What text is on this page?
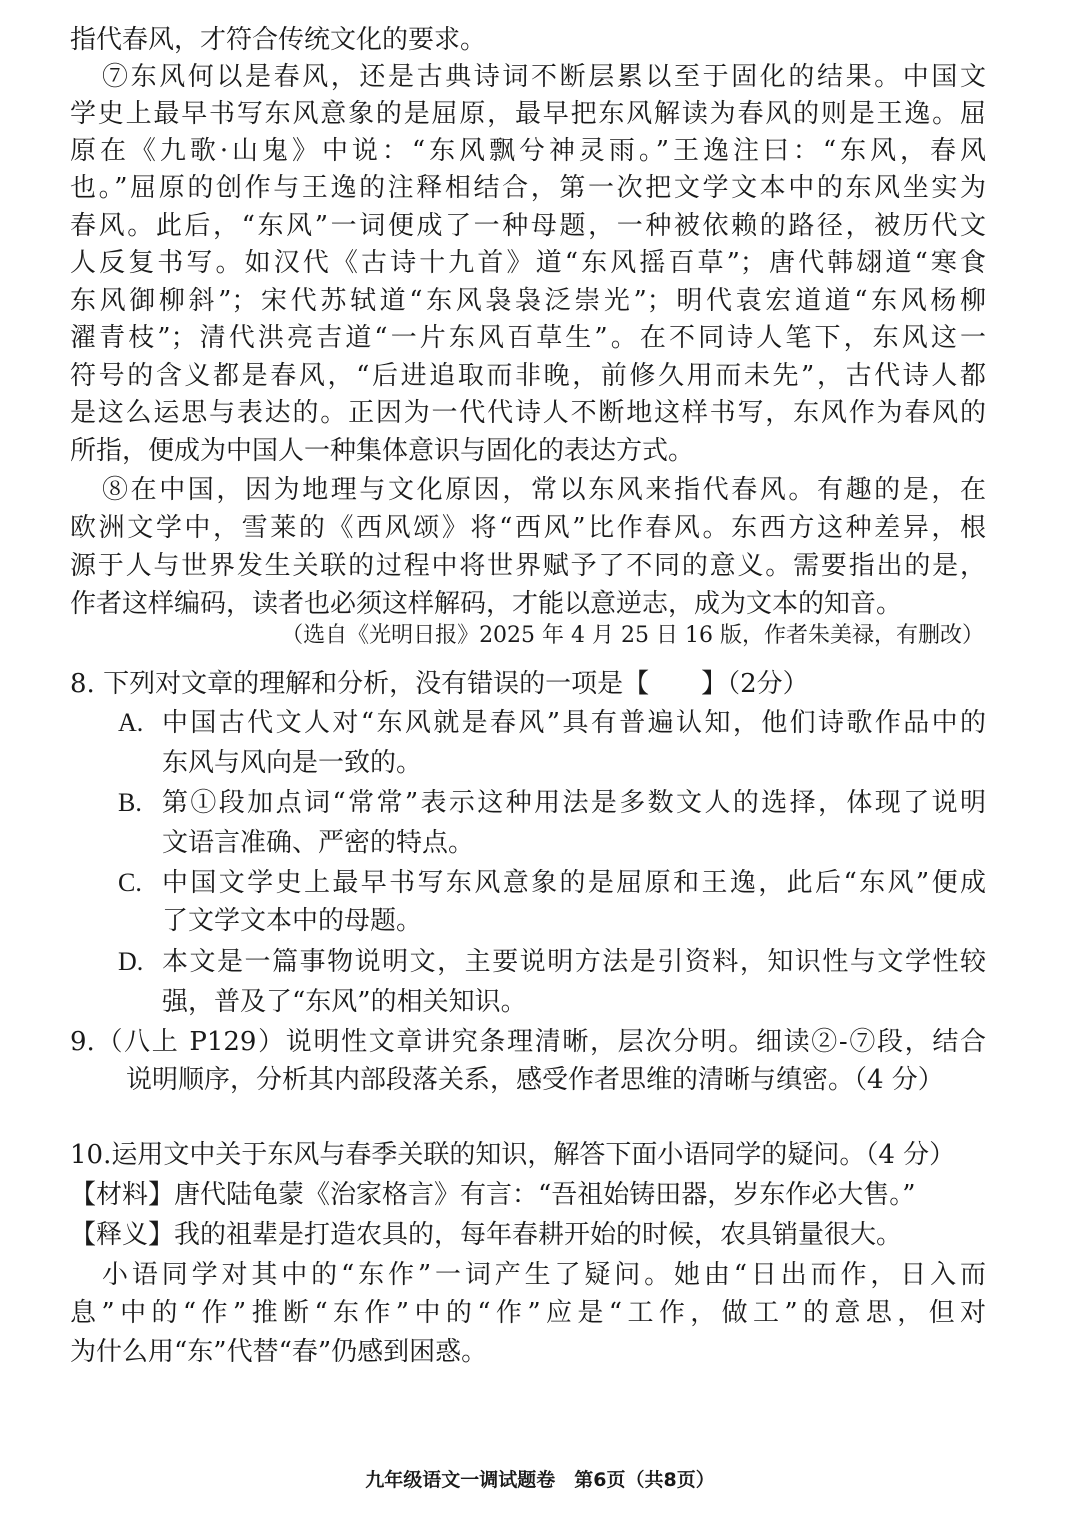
指代春风，才符合传统文化的要求。
⑦东风何以是春风，还是古典诗词不断层累以至于固化的结果。中国文
学史上最早书写东风意象的是屈原，最早把东风解读为春风的则是王逸。屈
原在《九歌·山鬼》中说：“东风飘兮神灵雨。”王逸注曰：“东风，春风
也。”屈原的创作与王逸的注释相结合，第一次把文学文本中的东风坐实为
春风。此后，“东风”一词便成了一种母题，一种被依赖的路径，被历代文
人反复书写。如汉代《古诗十九首》道“东风摇百草”；唐代韩翃道“寒食
东风御柳斜”；宋代苏轼道“东风袅袅泛崇光”；明代袁宏道道“东风杨柳
濯青枝”；清代洪亮吉道“一片东风百草生”。在不同诗人笔下，东风这一
符号的含义都是春风，“后进追取而非晚，前修久用而未先”，古代诗人都
是这么运思与表达的。正因为一代代诗人不断地这样书写，东风作为春风的
所指，便成为中国人一种集体意识与固化的表达方式。
⑧在中国，因为地理与文化原因，常以东风来指代春风。有趣的是，在
欧洲文学中，雪莱的《西风颂》将“西风”比作春风。东西方这种差异，根
源于人与世界发生关联的过程中将世界赋予了不同的意义。需要指出的是，
作者这样编码，读者也必须这样解码，才能以意逆志，成为文本的知音。
（选自《光明日报》2025 年 4 月 25 日 16 版，作者朱美禄，有删改）
8. 下列对文章的理解和分析，没有错误的一项是【　　】（2分）
A. 中国古代文人对“东风就是春风”具有普遍认知，他们诗歌作品中的
东风与风向是一致的。
B. 第①段加点词“常常”表示这种用法是多数文人的选择，体现了说明
文语言准确、严密的特点。
C. 中国文学史上最早书写东风意象的是屈原和王逸，此后“东风”便成
了文学文本中的母题。
D. 本文是一篇事物说明文，主要说明方法是引资料，知识性与文学性较
强，普及了“东风”的相关知识。
9.（八上 P129）说明性文章讲究条理清晰，层次分明。细读②-⑦段，结合
说明顺序，分析其内部段落关系，感受作者思维的清晰与缜密。（4 分）
10.运用文中关于东风与春季关联的知识，解答下面小语同学的疑问。（4 分）
【材料】唐代陆龟蒙《治家格言》有言：“吾祖始铸田器，岁东作必大售。”
【释义】我的祖辈是打造农具的，每年春耕开始的时候，农具销量很大。
小语同学对其中的“东作”一词产生了疑问。她由“日出而作，日入而
息”中的“作”推断“东作”中的“作”应是“工作，做工”的意思，但对
为什么用“东”代替“春”仍感到困惑。
九年级语文一调试题卷　第6页（共8页）
